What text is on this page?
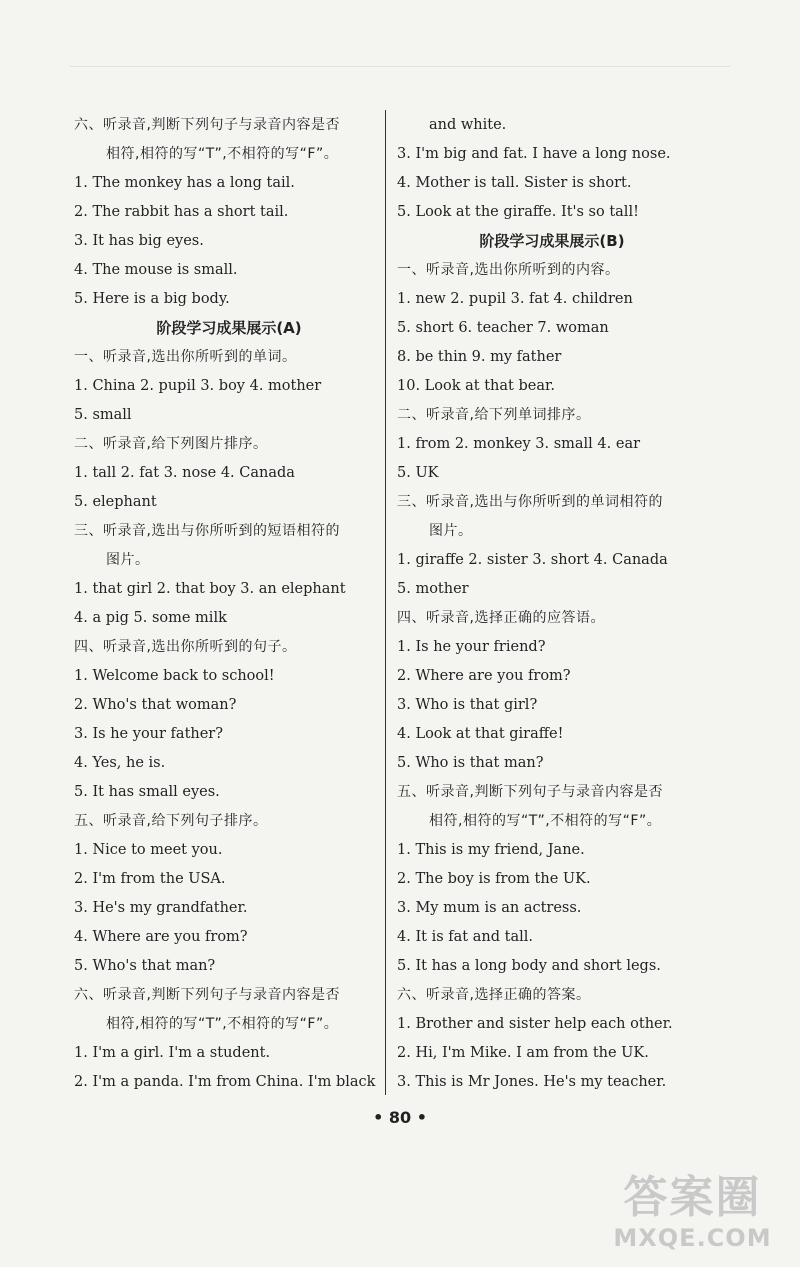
六、听录音,判断下列句子与录音内容是否
相符,相符的写“T”,不相符的写“F”。
1. The monkey has a long tail.
2. The rabbit has a short tail.
3. It has big eyes.
4. The mouse is small.
5. Here is a big body.
阶段学习成果展示(A)
一、听录音,选出你所听到的单词。
1. China 2. pupil 3. boy 4. mother
5. small
二、听录音,给下列图片排序。
1. tall 2. fat 3. nose 4. Canada
5. elephant
三、听录音,选出与你所听到的短语相符的
图片。
1. that girl 2. that boy 3. an elephant
4. a pig 5. some milk
四、听录音,选出你所听到的句子。
1. Welcome back to school!
2. Who's that woman?
3. Is he your father?
4. Yes, he is.
5. It has small eyes.
五、听录音,给下列句子排序。
1. Nice to meet you.
2. I'm from the USA.
3. He's my grandfather.
4. Where are you from?
5. Who's that man?
六、听录音,判断下列句子与录音内容是否
相符,相符的写“T”,不相符的写“F”。
1. I'm a girl. I'm a student.
2. I'm a panda. I'm from China. I'm black
and white.
3. I'm big and fat. I have a long nose.
4. Mother is tall. Sister is short.
5. Look at the giraffe. It's so tall!
阶段学习成果展示(B)
一、听录音,选出你所听到的内容。
1. new 2. pupil 3. fat 4. children
5. short 6. teacher 7. woman
8. be thin 9. my father
10. Look at that bear.
二、听录音,给下列单词排序。
1. from 2. monkey 3. small 4. ear
5. UK
三、听录音,选出与你所听到的单词相符的
图片。
1. giraffe 2. sister 3. short 4. Canada
5. mother
四、听录音,选择正确的应答语。
1. Is he your friend?
2. Where are you from?
3. Who is that girl?
4. Look at that giraffe!
5. Who is that man?
五、听录音,判断下列句子与录音内容是否
相符,相符的写“T”,不相符的写“F”。
1. This is my friend, Jane.
2. The boy is from the UK.
3. My mum is an actress.
4. It is fat and tall.
5. It has a long body and short legs.
六、听录音,选择正确的答案。
1. Brother and sister help each other.
2. Hi, I'm Mike. I am from the UK.
3. This is Mr Jones. He's my teacher.
• 80 •
答案圈
MXQE.COM
